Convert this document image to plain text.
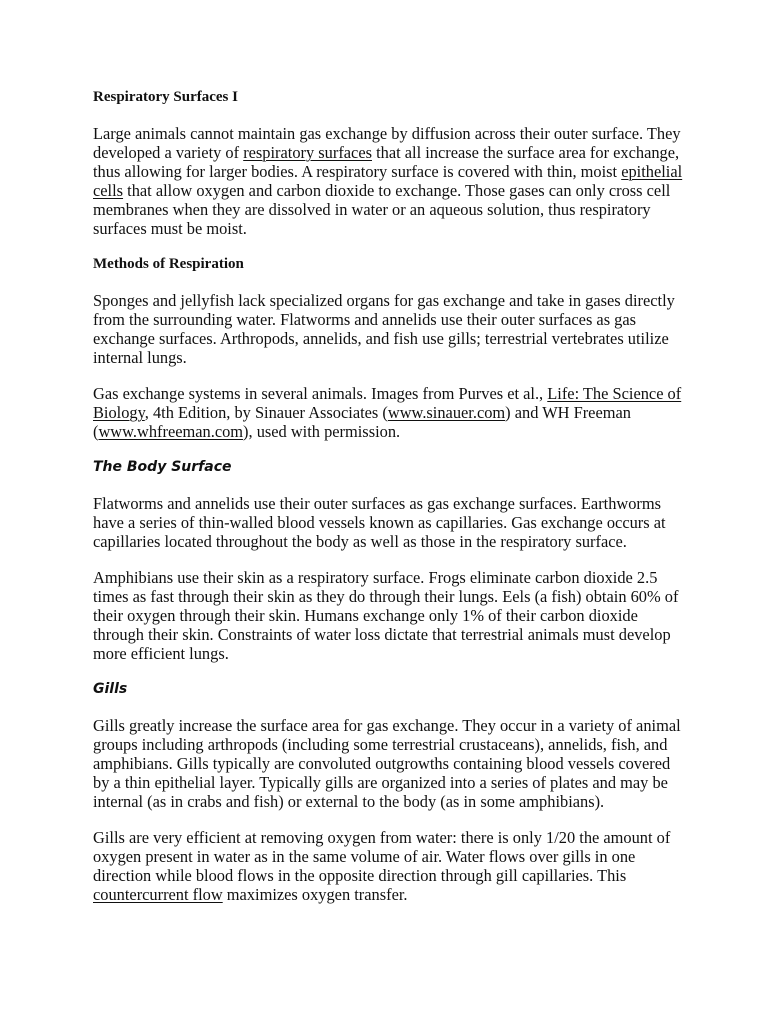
Respiratory Surfaces I

Large animals cannot maintain gas exchange by diffusion across their outer surface. They developed a variety of respiratory surfaces that all increase the surface area for exchange, thus allowing for larger bodies. A respiratory surface is covered with thin, moist epithelial cells that allow oxygen and carbon dioxide to exchange. Those gases can only cross cell membranes when they are dissolved in water or an aqueous solution, thus respiratory surfaces must be moist.

Methods of Respiration

Sponges and jellyfish lack specialized organs for gas exchange and take in gases directly from the surrounding water. Flatworms and annelids use their outer surfaces as gas exchange surfaces. Arthropods, annelids, and fish use gills; terrestrial vertebrates utilize internal lungs.

Gas exchange systems in several animals. Images from Purves et al., Life: The Science of Biology, 4th Edition, by Sinauer Associates (www.sinauer.com) and WH Freeman (www.whfreeman.com), used with permission.

The Body Surface

Flatworms and annelids use their outer surfaces as gas exchange surfaces. Earthworms have a series of thin-walled blood vessels known as capillaries. Gas exchange occurs at capillaries located throughout the body as well as those in the respiratory surface.

Amphibians use their skin as a respiratory surface. Frogs eliminate carbon dioxide 2.5 times as fast through their skin as they do through their lungs. Eels (a fish) obtain 60% of their oxygen through their skin. Humans exchange only 1% of their carbon dioxide through their skin. Constraints of water loss dictate that terrestrial animals must develop more efficient lungs.

Gills

Gills greatly increase the surface area for gas exchange. They occur in a variety of animal groups including arthropods (including some terrestrial crustaceans), annelids, fish, and amphibians. Gills typically are convoluted outgrowths containing blood vessels covered by a thin epithelial layer. Typically gills are organized into a series of plates and may be internal (as in crabs and fish) or external to the body (as in some amphibians).

Gills are very efficient at removing oxygen from water: there is only 1/20 the amount of oxygen present in water as in the same volume of air. Water flows over gills in one direction while blood flows in the opposite direction through gill capillaries. This countercurrent flow maximizes oxygen transfer.
